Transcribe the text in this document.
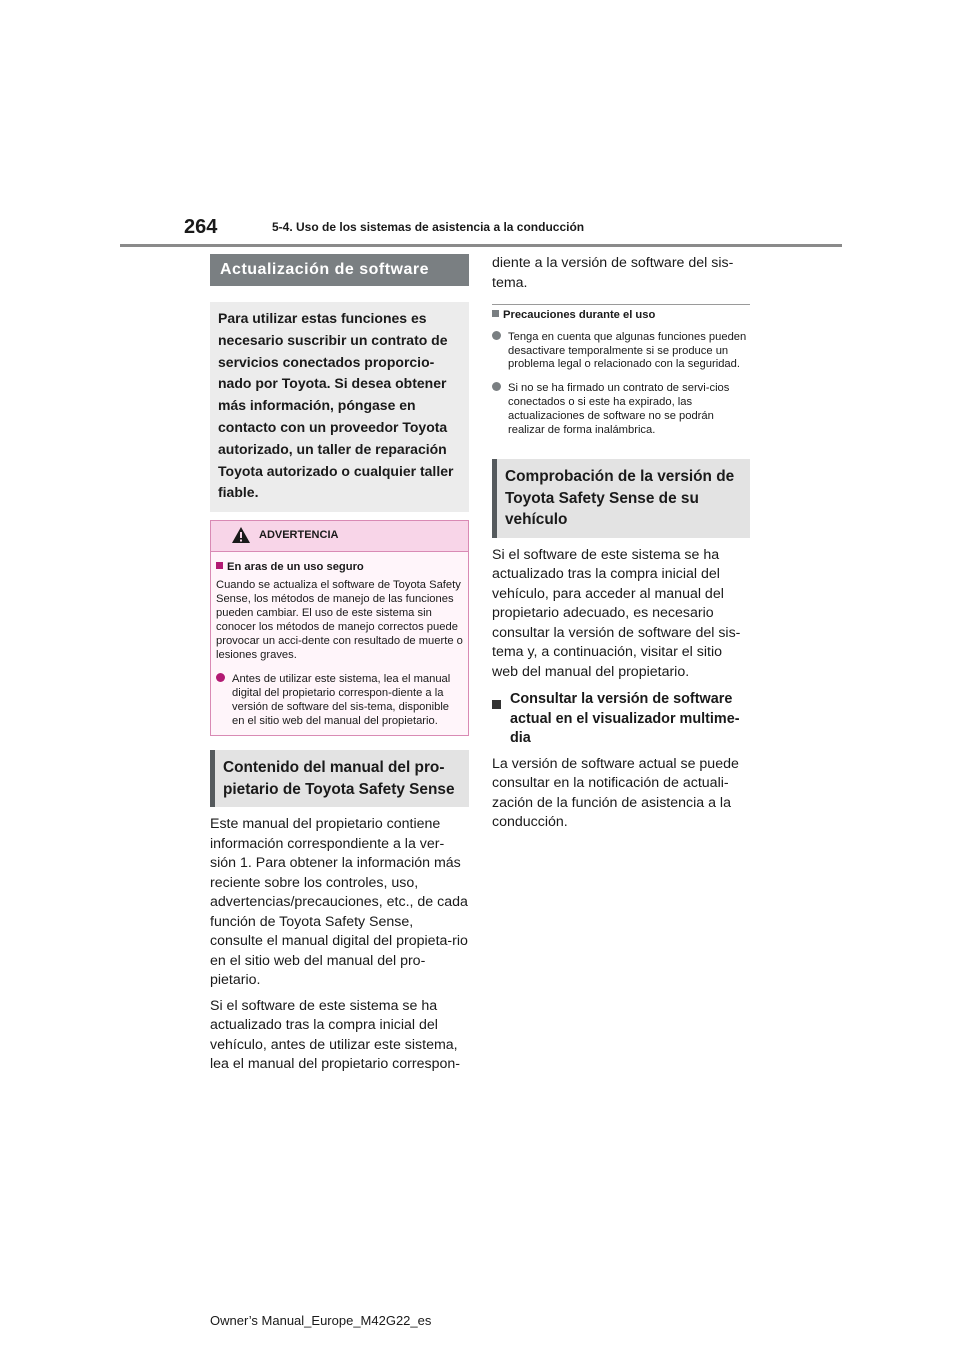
264	5-4. Uso de los sistemas de asistencia a la conducción
Actualización de software
Para utilizar estas funciones es necesario suscribir un contrato de servicios conectados proporcio-nado por Toyota. Si desea obtener más información, póngase en contacto con un proveedor Toyota autorizado, un taller de reparación Toyota autorizado o cualquier taller fiable.
ADVERTENCIA
En aras de un uso seguro
Cuando se actualiza el software de Toyota Safety Sense, los métodos de manejo de las funciones pueden cambiar. El uso de este sistema sin conocer los métodos de manejo correctos puede provocar un acci-dente con resultado de muerte o lesiones graves.
Antes de utilizar este sistema, lea el manual digital del propietario correspon-diente a la versión de software del sis-tema, disponible en el sitio web del manual del propietario.
Contenido del manual del pro-pietario de Toyota Safety Sense

Este manual del propietario contiene información correspondiente a la ver-sión 1. Para obtener la información más reciente sobre los controles, uso, advertencias/precauciones, etc., de cada función de Toyota Safety Sense, consulte el manual digital del propieta-rio en el sitio web del manual del pro-pietario.

Si el software de este sistema se ha actualizado tras la compra inicial del vehículo, antes de utilizar este sistema, lea el manual del propietario correspon-

diente a la versión de software del sis-tema.
Precauciones durante el uso
Tenga en cuenta que algunas funciones pueden desactivare temporalmente si se produce un problema legal o relacionado con la seguridad.
Si no se ha firmado un contrato de servi-cios conectados o si este ha expirado, las actualizaciones de software no se podrán realizar de forma inalámbrica.
Comprobación de la versión de Toyota Safety Sense de su vehículo

Si el software de este sistema se ha actualizado tras la compra inicial del vehículo, para acceder al manual del propietario adecuado, es necesario consultar la versión de software del sis-tema y, a continuación, visitar el sitio web del manual del propietario.

Consultar la versión de software actual en el visualizador multime-dia

La versión de software actual se puede consultar en la notificación de actuali-zación de la función de asistencia a la conducción.

Owner’s Manual_Europe_M42G22_es
